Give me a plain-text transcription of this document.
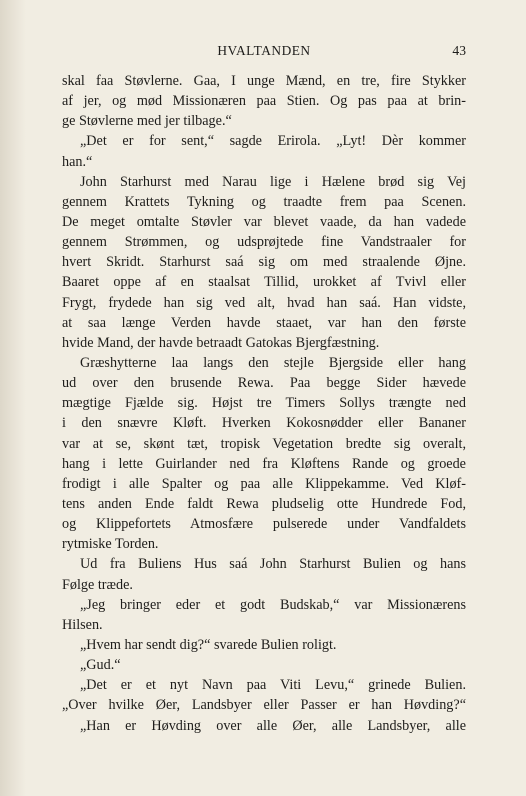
HVALTANDEN	43
skal faa Støvlerne. Gaa, I unge Mænd, en tre, fire Stykker
af jer, og mød Missionæren paa Stien. Og pas paa at brin-
ge Støvlerne med jer tilbage.“
„Det er for sent,“ sagde Erirola. „Lyt! Dèr kommer
han.“
John Starhurst med Narau lige i Hælene brød sig Vej
gennem Krattets Tykning og traadte frem paa Scenen.
De meget omtalte Støvler var blevet vaade, da han vadede
gennem Strømmen, og udsprøjtede fine Vandstraaler for
hvert Skridt. Starhurst saá sig om med straalende Øjne.
Baaret oppe af en staalsat Tillid, urokket af Tvivl eller
Frygt, frydede han sig ved alt, hvad han saá. Han vidste,
at saa længe Verden havde staaet, var han den første
hvide Mand, der havde betraadt Gatokas Bjergfæstning.
Græshytterne laa langs den stejle Bjergside eller hang
ud over den brusende Rewa. Paa begge Sider hævede
mægtige Fjælde sig. Højst tre Timers Sollys trængte ned
i den snævre Kløft. Hverken Kokosnødder eller Bananer
var at se, skønt tæt, tropisk Vegetation bredte sig overalt,
hang i lette Guirlander ned fra Kløftens Rande og groede
frodigt i alle Spalter og paa alle Klippekamme. Ved Kløf-
tens anden Ende faldt Rewa pludselig otte Hundrede Fod,
og Klippefortets Atmosfære pulserede under Vandfaldets
rytmiske Torden.
Ud fra Buliens Hus saá John Starhurst Bulien og hans
Følge træde.
„Jeg bringer eder et godt Budskab,“ var Missionærens
Hilsen.
„Hvem har sendt dig?“ svarede Bulien roligt.
„Gud.“
„Det er et nyt Navn paa Viti Levu,“ grinede Bulien.
„Over hvilke Øer, Landsbyer eller Passer er han Høvding?“
„Han er Høvding over alle Øer, alle Landsbyer, alle
